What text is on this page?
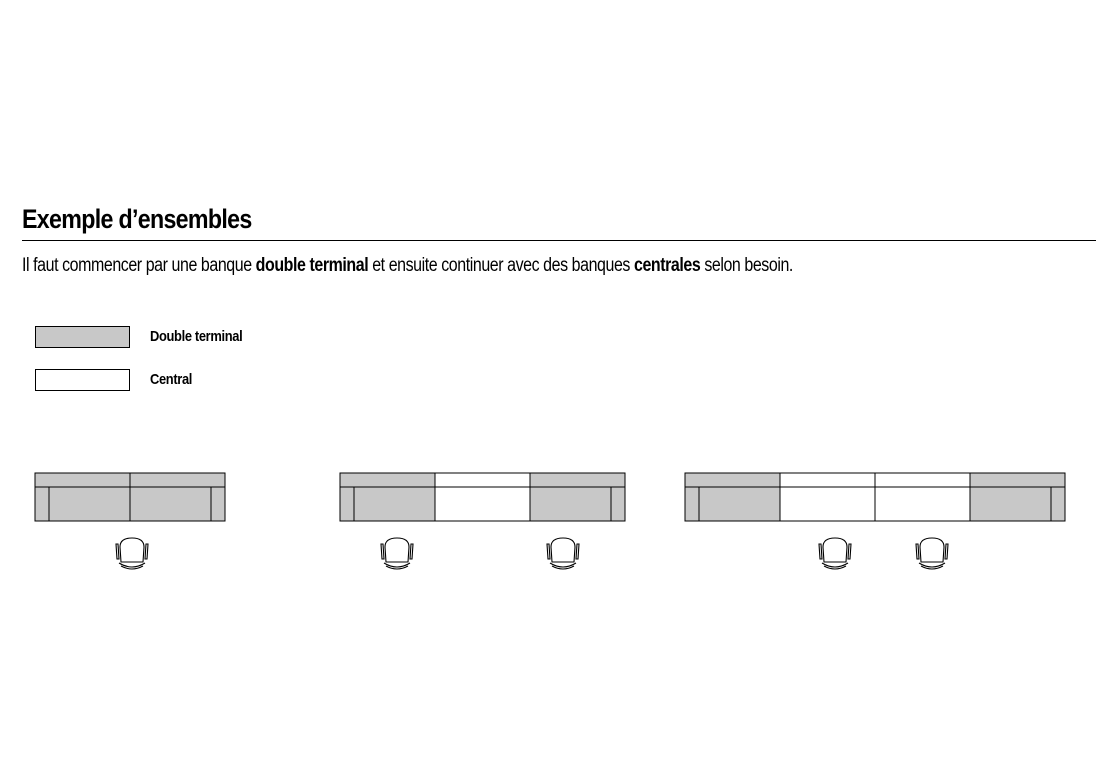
Exemple d’ensembles
Il faut commencer par une banque double terminal et ensuite continuer avec des banques centrales selon besoin.
Double terminal
Central
